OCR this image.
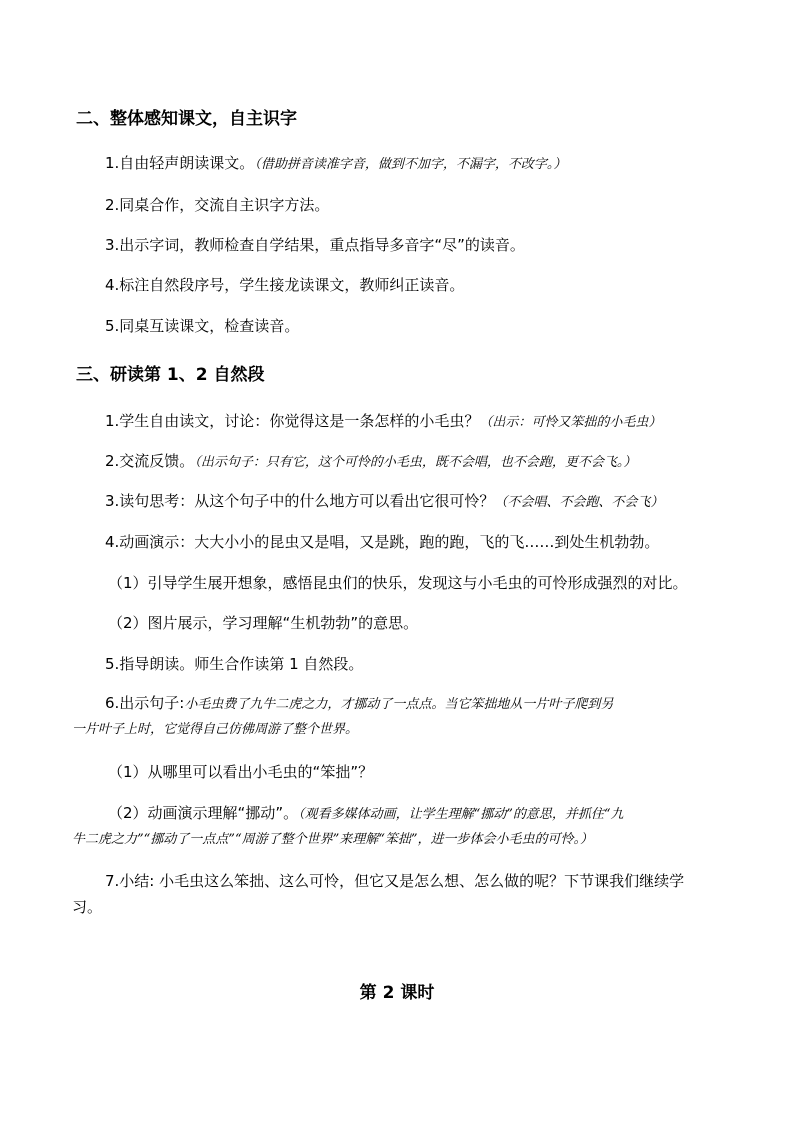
二、整体感知课文，自主识字
1.自由轻声朗读课文。（借助拼音读准字音，做到不加字，不漏字，不改字。）
2.同桌合作，交流自主识字方法。
3.出示字词，教师检查自学结果，重点指导多音字“尽”的读音。
4.标注自然段序号，学生接龙读课文，教师纠正读音。
5.同桌互读课文，检查读音。
三、研读第 1、2 自然段
1.学生自由读文，讨论：你觉得这是一条怎样的小毛虫？（出示：可怜又笨拙的小毛虫）
2.交流反馈。（出示句子：只有它，这个可怜的小毛虫，既不会唱，也不会跑，更不会飞。）
3.读句思考：从这个句子中的什么地方可以看出它很可怜？（不会唱、不会跑、不会飞）
4.动画演示：大大小小的昆虫又是唱，又是跳，跑的跑，飞的飞……到处生机勃勃。
（1）引导学生展开想象，感悟昆虫们的快乐，发现这与小毛虫的可怜形成强烈的对比。
（2）图片展示，学习理解“生机勃勃”的意思。
5.指导朗读。师生合作读第 1 自然段。
6.出示句子:小毛虫费了九牛二虎之力，才挪动了一点点。当它笨拙地从一片叶子爬到另
一片叶子上时，它觉得自己仿佛周游了整个世界。
（1）从哪里可以看出小毛虫的“笨拙”？
（2）动画演示理解“挪动”。（观看多媒体动画，让学生理解“挪动”的意思，并抓住“九
牛二虎之力”“挪动了一点点”“周游了整个世界”来理解“笨拙”，进一步体会小毛虫的可怜。）
7.小结: 小毛虫这么笨拙、这么可怜，但它又是怎么想、怎么做的呢？下节课我们继续学
习。
第 2 课时
